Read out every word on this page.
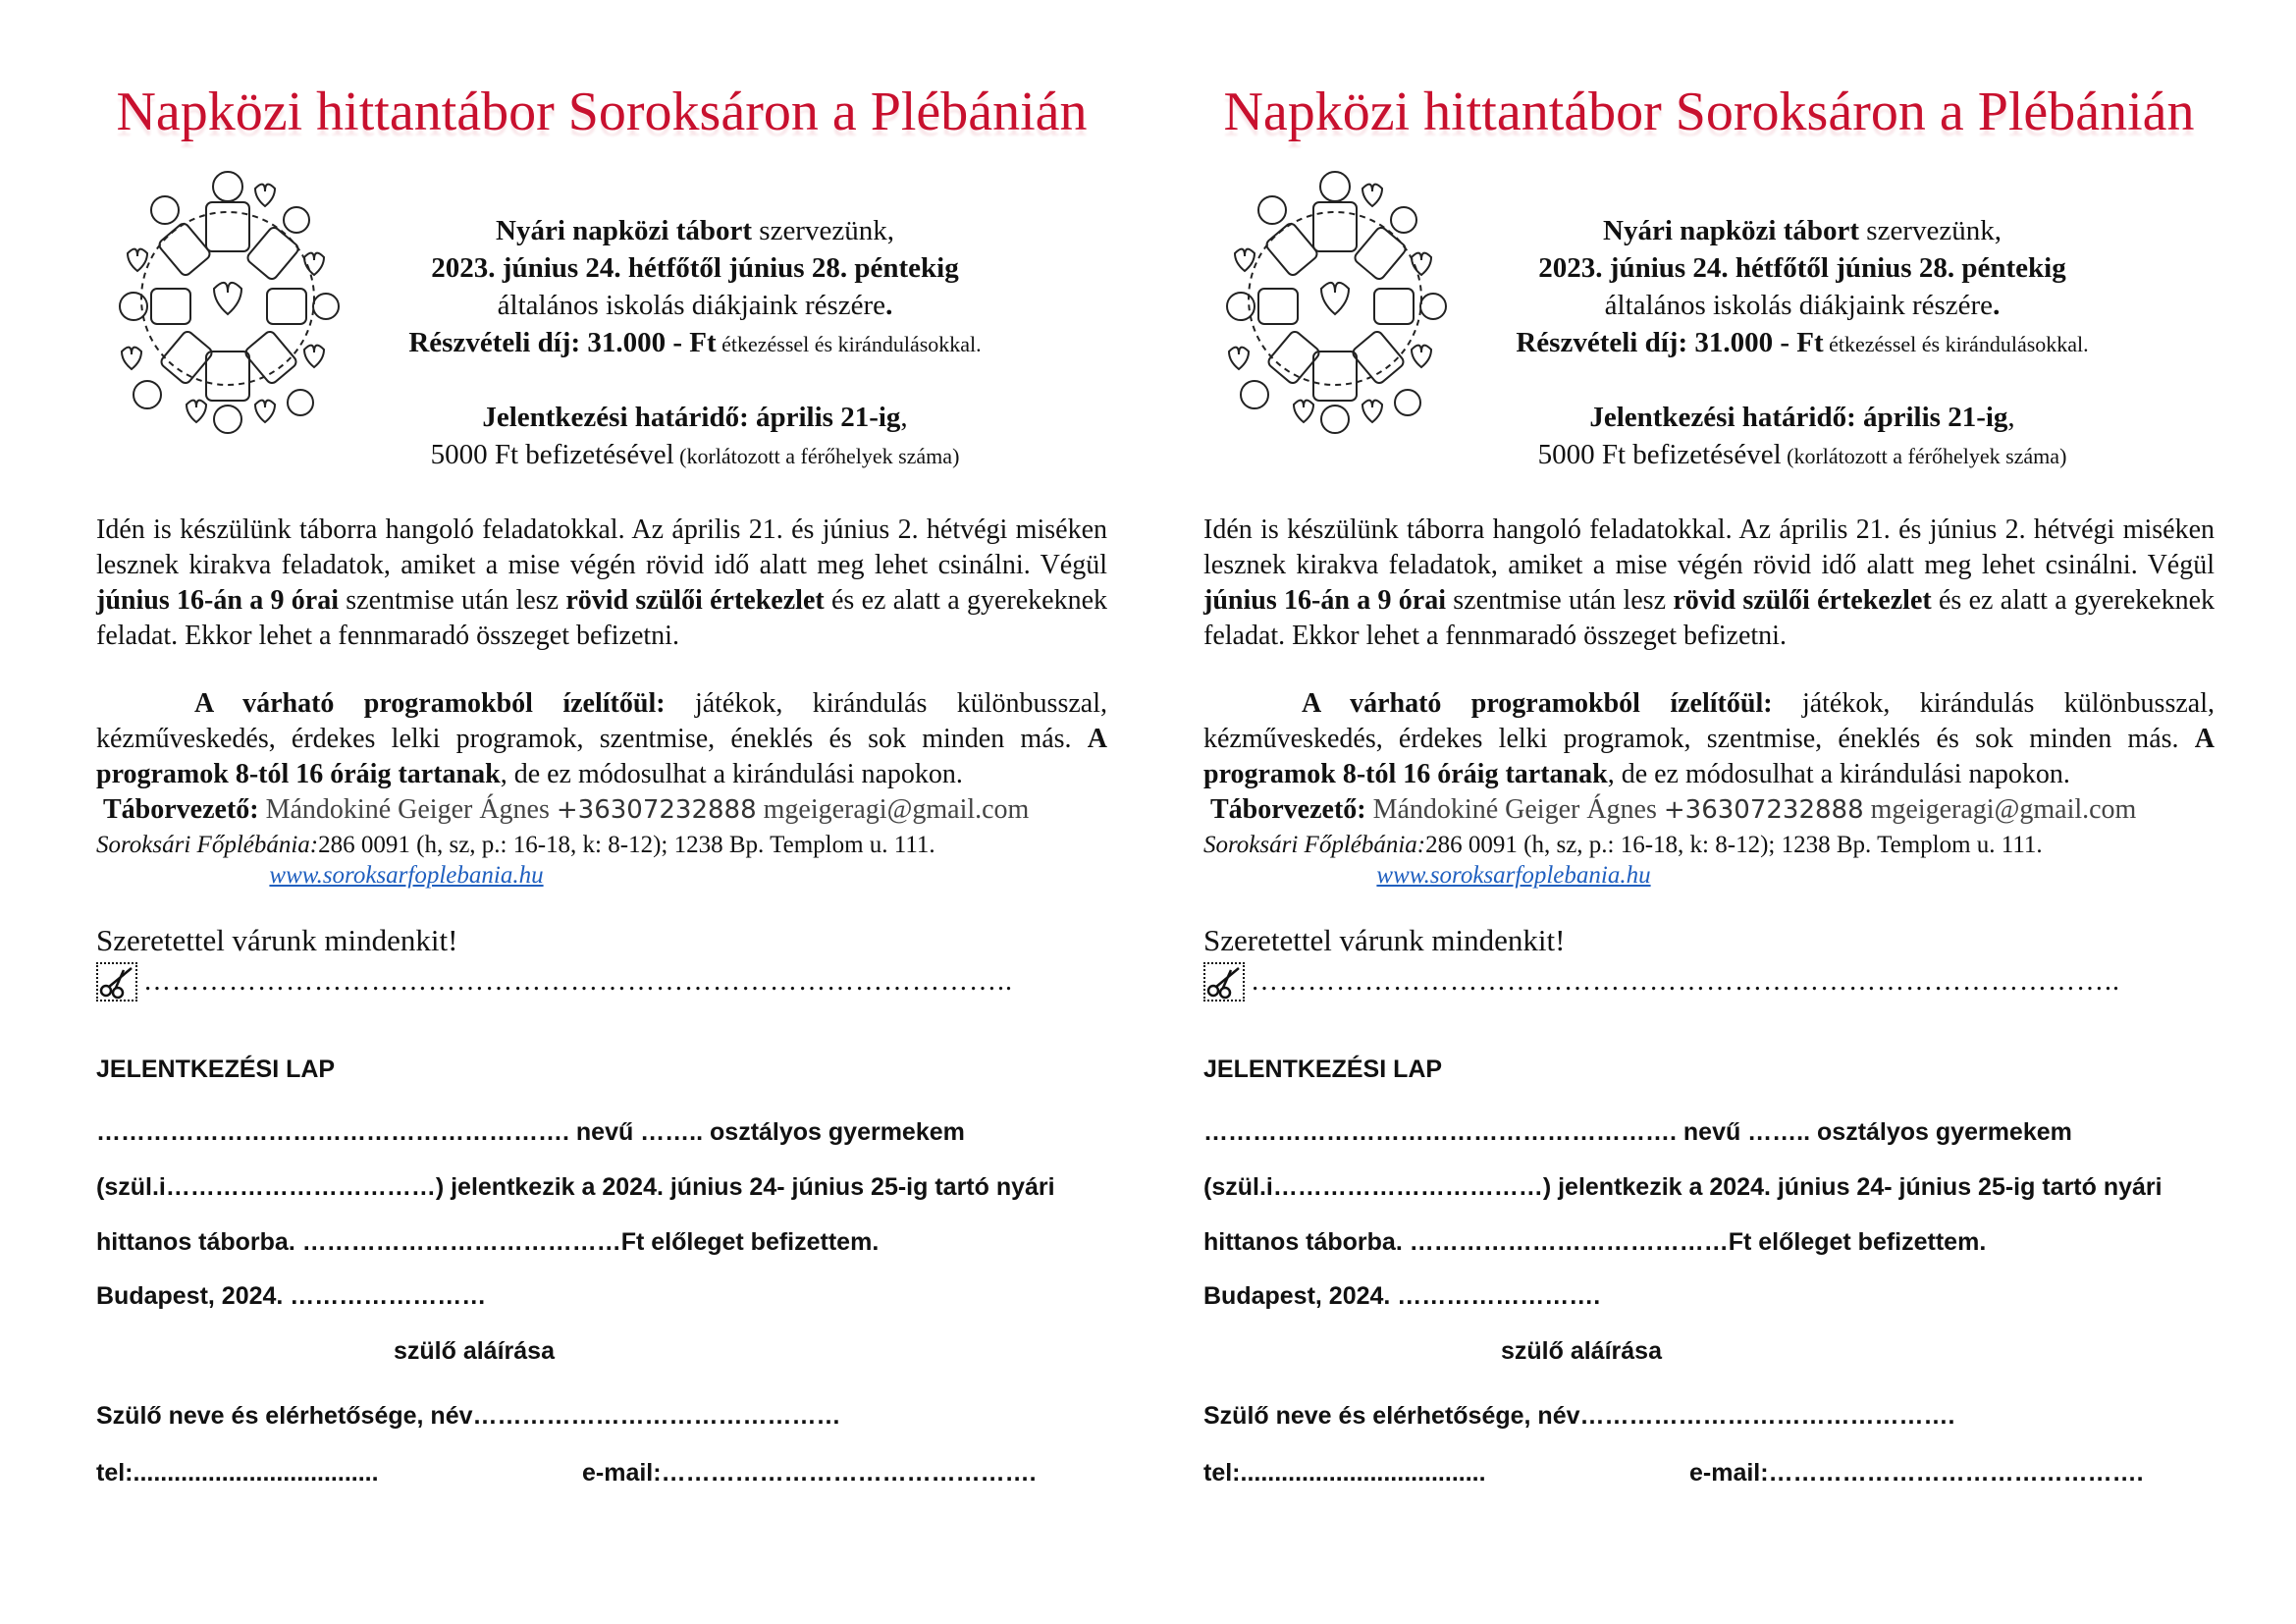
Napközi hittantábor Soroksáron a Plébánián
Nyári napközi tábort szervezünk,
2023. június 24. hétfőtől június 28. péntekig
általános iskolás diákjaink részére.
Részvételi díj: 31.000 - Ft étkezéssel és kirándulásokkal.
Jelentkezési határidő: április 21-ig,
5000 Ft befizetésével (korlátozott a férőhelyek száma)
Idén is készülünk táborra hangoló feladatokkal. Az április 21. és június 2. hétvégi miséken lesznek kirakva feladatok, amiket a mise végén rövid idő alatt meg lehet csinálni. Végül június 16-án a 9 órai szentmise után lesz rövid szülői értekezlet és ez alatt a gyerekeknek feladat. Ekkor lehet a fennmaradó összeget befizetni.
A várható programokból ízelítőül: játékok, kirándulás különbusszal, kézműveskedés, érdekes lelki programok, szentmise, éneklés és sok minden más. A programok 8-tól 16 óráig tartanak, de ez módosulhat a kirándulási napokon.
Táborvezető: Mándokiné Geiger Ágnes +36307232888 mgeigeragi@gmail.com
Soroksári Főplébánia:286 0091 (h, sz, p.: 16-18, k: 8-12); 1238 Bp. Templom u. 111.
www.soroksarfoplebania.hu
Szeretettel várunk mindenkit!
………………………………………………………………………………..
JELENTKEZÉSI LAP
…………………………………………………. nevű …….. osztályos gyermekem
(szül.i……………………………) jelentkezik a 2024. június 24- június 25-ig tartó nyári
hittanos táborba. …………………………………Ft előleget befizettem.
Budapest, 2024. ……………………
szülő aláírása
Szülő neve és elérhetősége, név………………………………………
tel:....................................	e-mail:……………………………………….
Napközi hittantábor Soroksáron a Plébánián
Nyári napközi tábort szervezünk,
2023. június 24. hétfőtől június 28. péntekig
általános iskolás diákjaink részére.
Részvételi díj: 31.000 - Ft étkezéssel és kirándulásokkal.
Jelentkezési határidő: április 21-ig,
5000 Ft befizetésével (korlátozott a férőhelyek száma)
Idén is készülünk táborra hangoló feladatokkal. Az április 21. és június 2. hétvégi miséken lesznek kirakva feladatok, amiket a mise végén rövid idő alatt meg lehet csinálni. Végül június 16-án a 9 órai szentmise után lesz rövid szülői értekezlet és ez alatt a gyerekeknek feladat. Ekkor lehet a fennmaradó összeget befizetni.
A várható programokból ízelítőül: játékok, kirándulás különbusszal, kézműveskedés, érdekes lelki programok, szentmise, éneklés és sok minden más. A programok 8-tól 16 óráig tartanak, de ez módosulhat a kirándulási napokon.
Táborvezető: Mándokiné Geiger Ágnes +36307232888 mgeigeragi@gmail.com
Soroksári Főplébánia:286 0091 (h, sz, p.: 16-18, k: 8-12); 1238 Bp. Templom u. 111.
www.soroksarfoplebania.hu
Szeretettel várunk mindenkit!
………………………………………………………………………………..
JELENTKEZÉSI LAP
…………………………………………………. nevű …….. osztályos gyermekem
(szül.i……………………………) jelentkezik a 2024. június 24- június 25-ig tartó nyári
hittanos táborba. …………………………………Ft előleget befizettem.
Budapest, 2024. …………………….
szülő aláírása
Szülő neve és elérhetősége, név……………………………………….
tel:....................................	e-mail:……………………………………….
